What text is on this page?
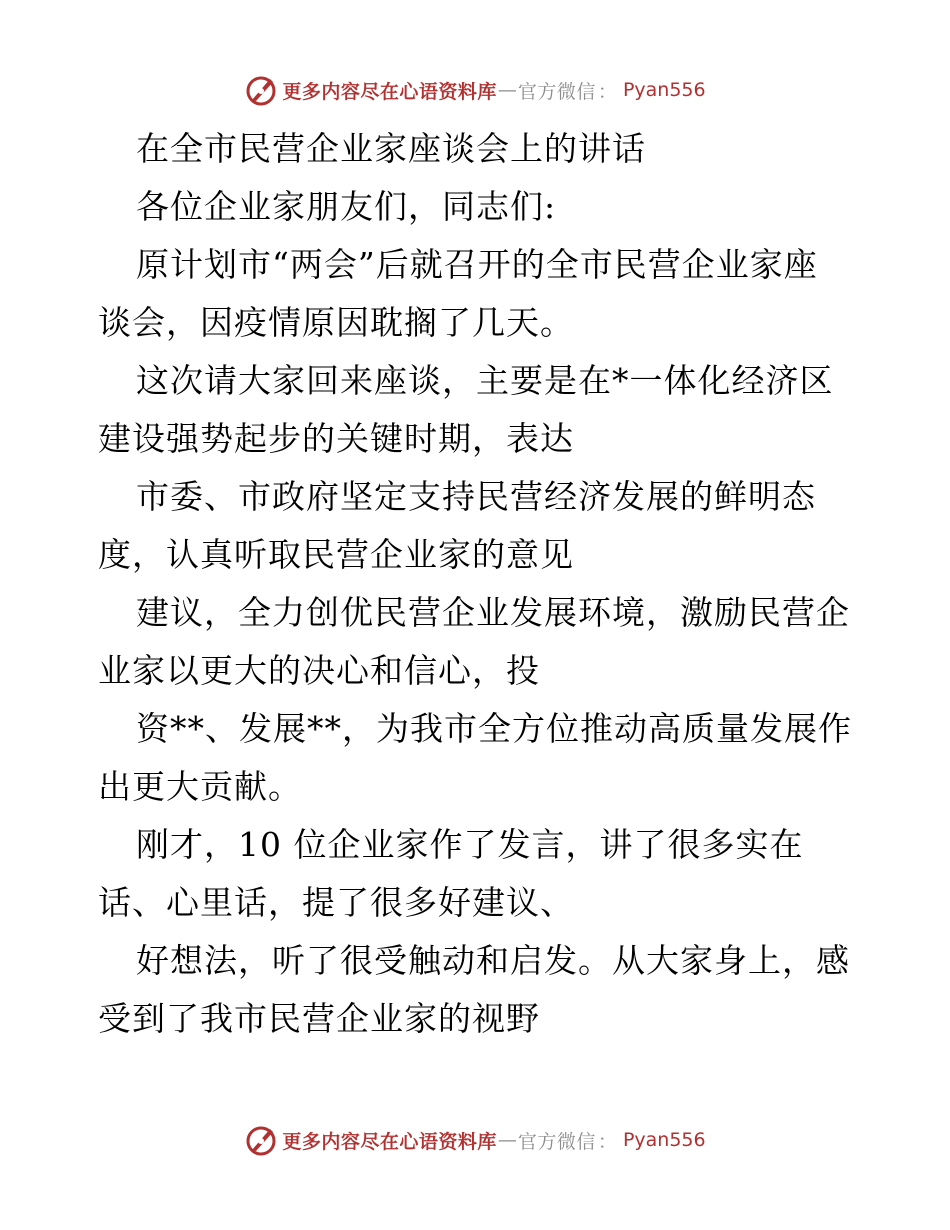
更多内容尽在心语资料库 — 官方微信 ： Pyan556
在全市民营企业家座谈会上的讲话
各位企业家朋友们，同志们:
原计划市“两会”后就召开的全市民营企业家座
谈会，因疫情原因耽搁了几天。
这次请大家回来座谈，主要是在*一体化经济区
建设强势起步的关键时期，表达
市委、市政府坚定支持民营经济发展的鲜明态
度，认真听取民营企业家的意见
建议，全力创优民营企业发展环境，激励民营企
业家以更大的决心和信心，投
资**、发展**，为我市全方位推动高质量发展作
出更大贡献。
刚才，10 位企业家作了发言，讲了很多实在
话、心里话，提了很多好建议、
好想法，听了很受触动和启发。从大家身上，感
受到了我市民营企业家的视野
更多内容尽在心语资料库 — 官方微信 ： Pyan556
